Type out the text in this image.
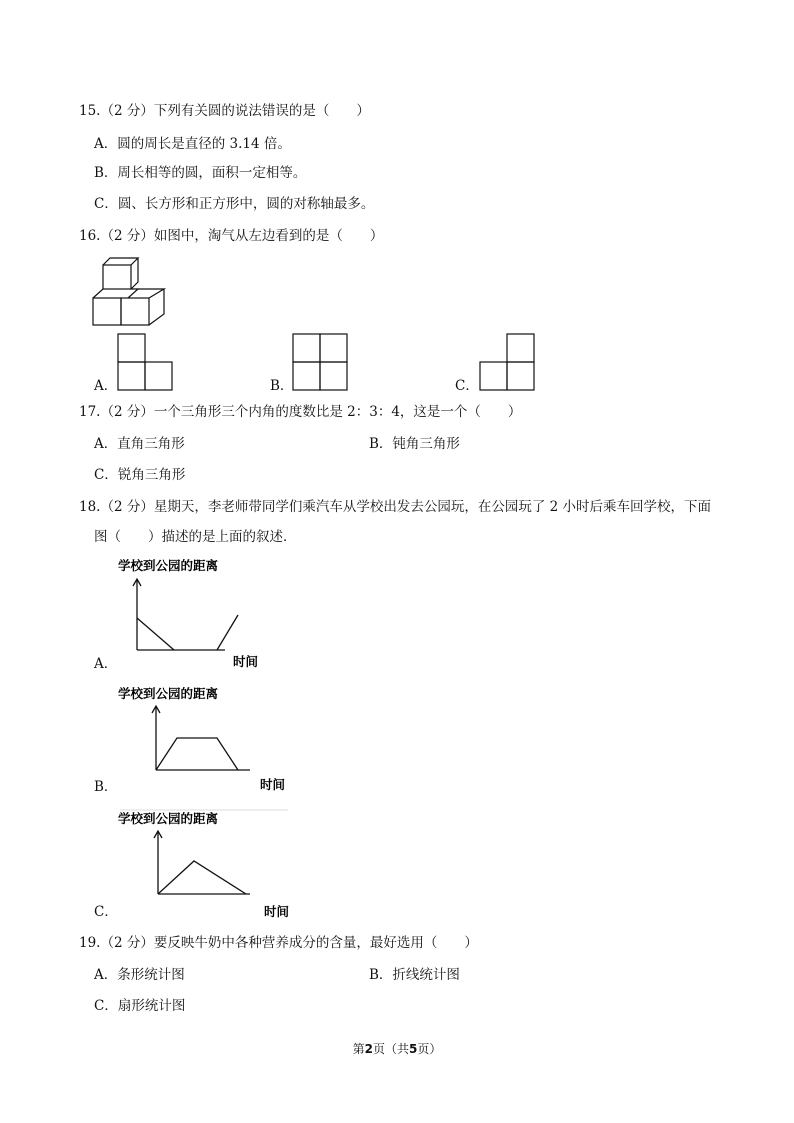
15.（2 分）下列有关圆的说法错误的是（　　）
A．圆的周长是直径的 3.14 倍。
B．周长相等的圆，面积一定相等。
C．圆、长方形和正方形中，圆的对称轴最多。
16.（2 分）如图中，淘气从左边看到的是（　　）
A．	B．	C．
17.（2 分）一个三角形三个内角的度数比是 2：3：4，这是一个（　　）
A．直角三角形	B．钝角三角形
C．锐角三角形
18.（2 分）星期天，李老师带同学们乘汽车从学校出发去公园玩，在公园玩了 2 小时后乘车回学校，下面
图（　　）描述的是上面的叙述．
A．
学校到公园的距离
时间
B．
学校到公园的距离
时间
C．
学校到公园的距离
时间
19.（2 分）要反映牛奶中各种营养成分的含量，最好选用（　　）
A．条形统计图	B．折线统计图
C．扇形统计图
第2页（共5页）
